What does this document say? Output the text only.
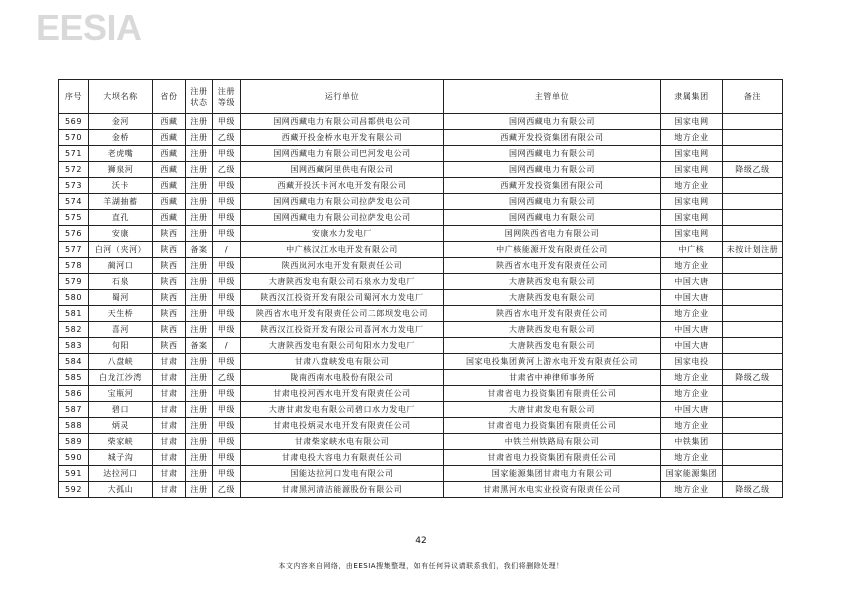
EESIA
序号	大坝名称	省份	注册状态	注册等级	运行单位	主管单位	隶属集团	备注
569	金河	西藏	注册	甲级	国网西藏电力有限公司昌都供电公司	国网西藏电力有限公司	国家电网	
570	金桥	西藏	注册	乙级	西藏开投金桥水电开发有限公司	西藏开发投资集团有限公司	地方企业	
571	老虎嘴	西藏	注册	甲级	国网西藏电力有限公司巴河发电公司	国网西藏电力有限公司	国家电网	
572	狮泉河	西藏	注册	乙级	国网西藏阿里供电有限公司	国网西藏电力有限公司	国家电网	降级乙级
573	沃卡	西藏	注册	甲级	西藏开投沃卡河水电开发有限公司	西藏开发投资集团有限公司	地方企业	
574	羊湖抽蓄	西藏	注册	甲级	国网西藏电力有限公司拉萨发电公司	国网西藏电力有限公司	国家电网	
575	直孔	西藏	注册	甲级	国网西藏电力有限公司拉萨发电公司	国网西藏电力有限公司	国家电网	
576	安康	陕西	注册	甲级	安康水力发电厂	国网陕西省电力有限公司	国家电网	
577	白河（夹河）	陕西	备案	/	中广核汉江水电开发有限公司	中广核能源开发有限责任公司	中广核	未按计划注册
578	蔺河口	陕西	注册	甲级	陕西岚河水电开发有限责任公司	陕西省水电开发有限责任公司	地方企业	
579	石泉	陕西	注册	甲级	大唐陕西发电有限公司石泉水力发电厂	大唐陕西发电有限公司	中国大唐	
580	蜀河	陕西	注册	甲级	陕西汉江投资开发有限公司蜀河水力发电厂	大唐陕西发电有限公司	中国大唐	
581	天生桥	陕西	注册	甲级	陕西省水电开发有限责任公司二郎坝发电公司	陕西省水电开发有限责任公司	地方企业	
582	喜河	陕西	注册	甲级	陕西汉江投资开发有限公司喜河水力发电厂	大唐陕西发电有限公司	中国大唐	
583	旬阳	陕西	备案	/	大唐陕西发电有限公司旬阳水力发电厂	大唐陕西发电有限公司	中国大唐	
584	八盘峡	甘肃	注册	甲级	甘肃八盘峡发电有限公司	国家电投集团黄河上游水电开发有限责任公司	国家电投	
585	白龙江沙湾	甘肃	注册	乙级	陇南西南水电股份有限公司	甘肃省中神律师事务所	地方企业	降级乙级
586	宝瓶河	甘肃	注册	甲级	甘肃电投河西水电开发有限责任公司	甘肃省电力投资集团有限责任公司	地方企业	
587	碧口	甘肃	注册	甲级	大唐甘肃发电有限公司碧口水力发电厂	大唐甘肃发电有限公司	中国大唐	
588	炳灵	甘肃	注册	甲级	甘肃电投炳灵水电开发有限责任公司	甘肃省电力投资集团有限责任公司	地方企业	
589	柴家峡	甘肃	注册	甲级	甘肃柴家峡水电有限公司	中铁兰州铁路局有限公司	中铁集团	
590	城子沟	甘肃	注册	甲级	甘肃电投大容电力有限责任公司	甘肃省电力投资集团有限责任公司	地方企业	
591	达拉河口	甘肃	注册	甲级	国能达拉河口发电有限公司	国家能源集团甘肃电力有限公司	国家能源集团	
592	大孤山	甘肃	注册	乙级	甘肃黑河清洁能源股份有限公司	甘肃黑河水电实业投资有限责任公司	地方企业	降级乙级
42
本文内容来自网络，由EESIA搜集整理，如有任何异议请联系我们，我们将删除处理！
